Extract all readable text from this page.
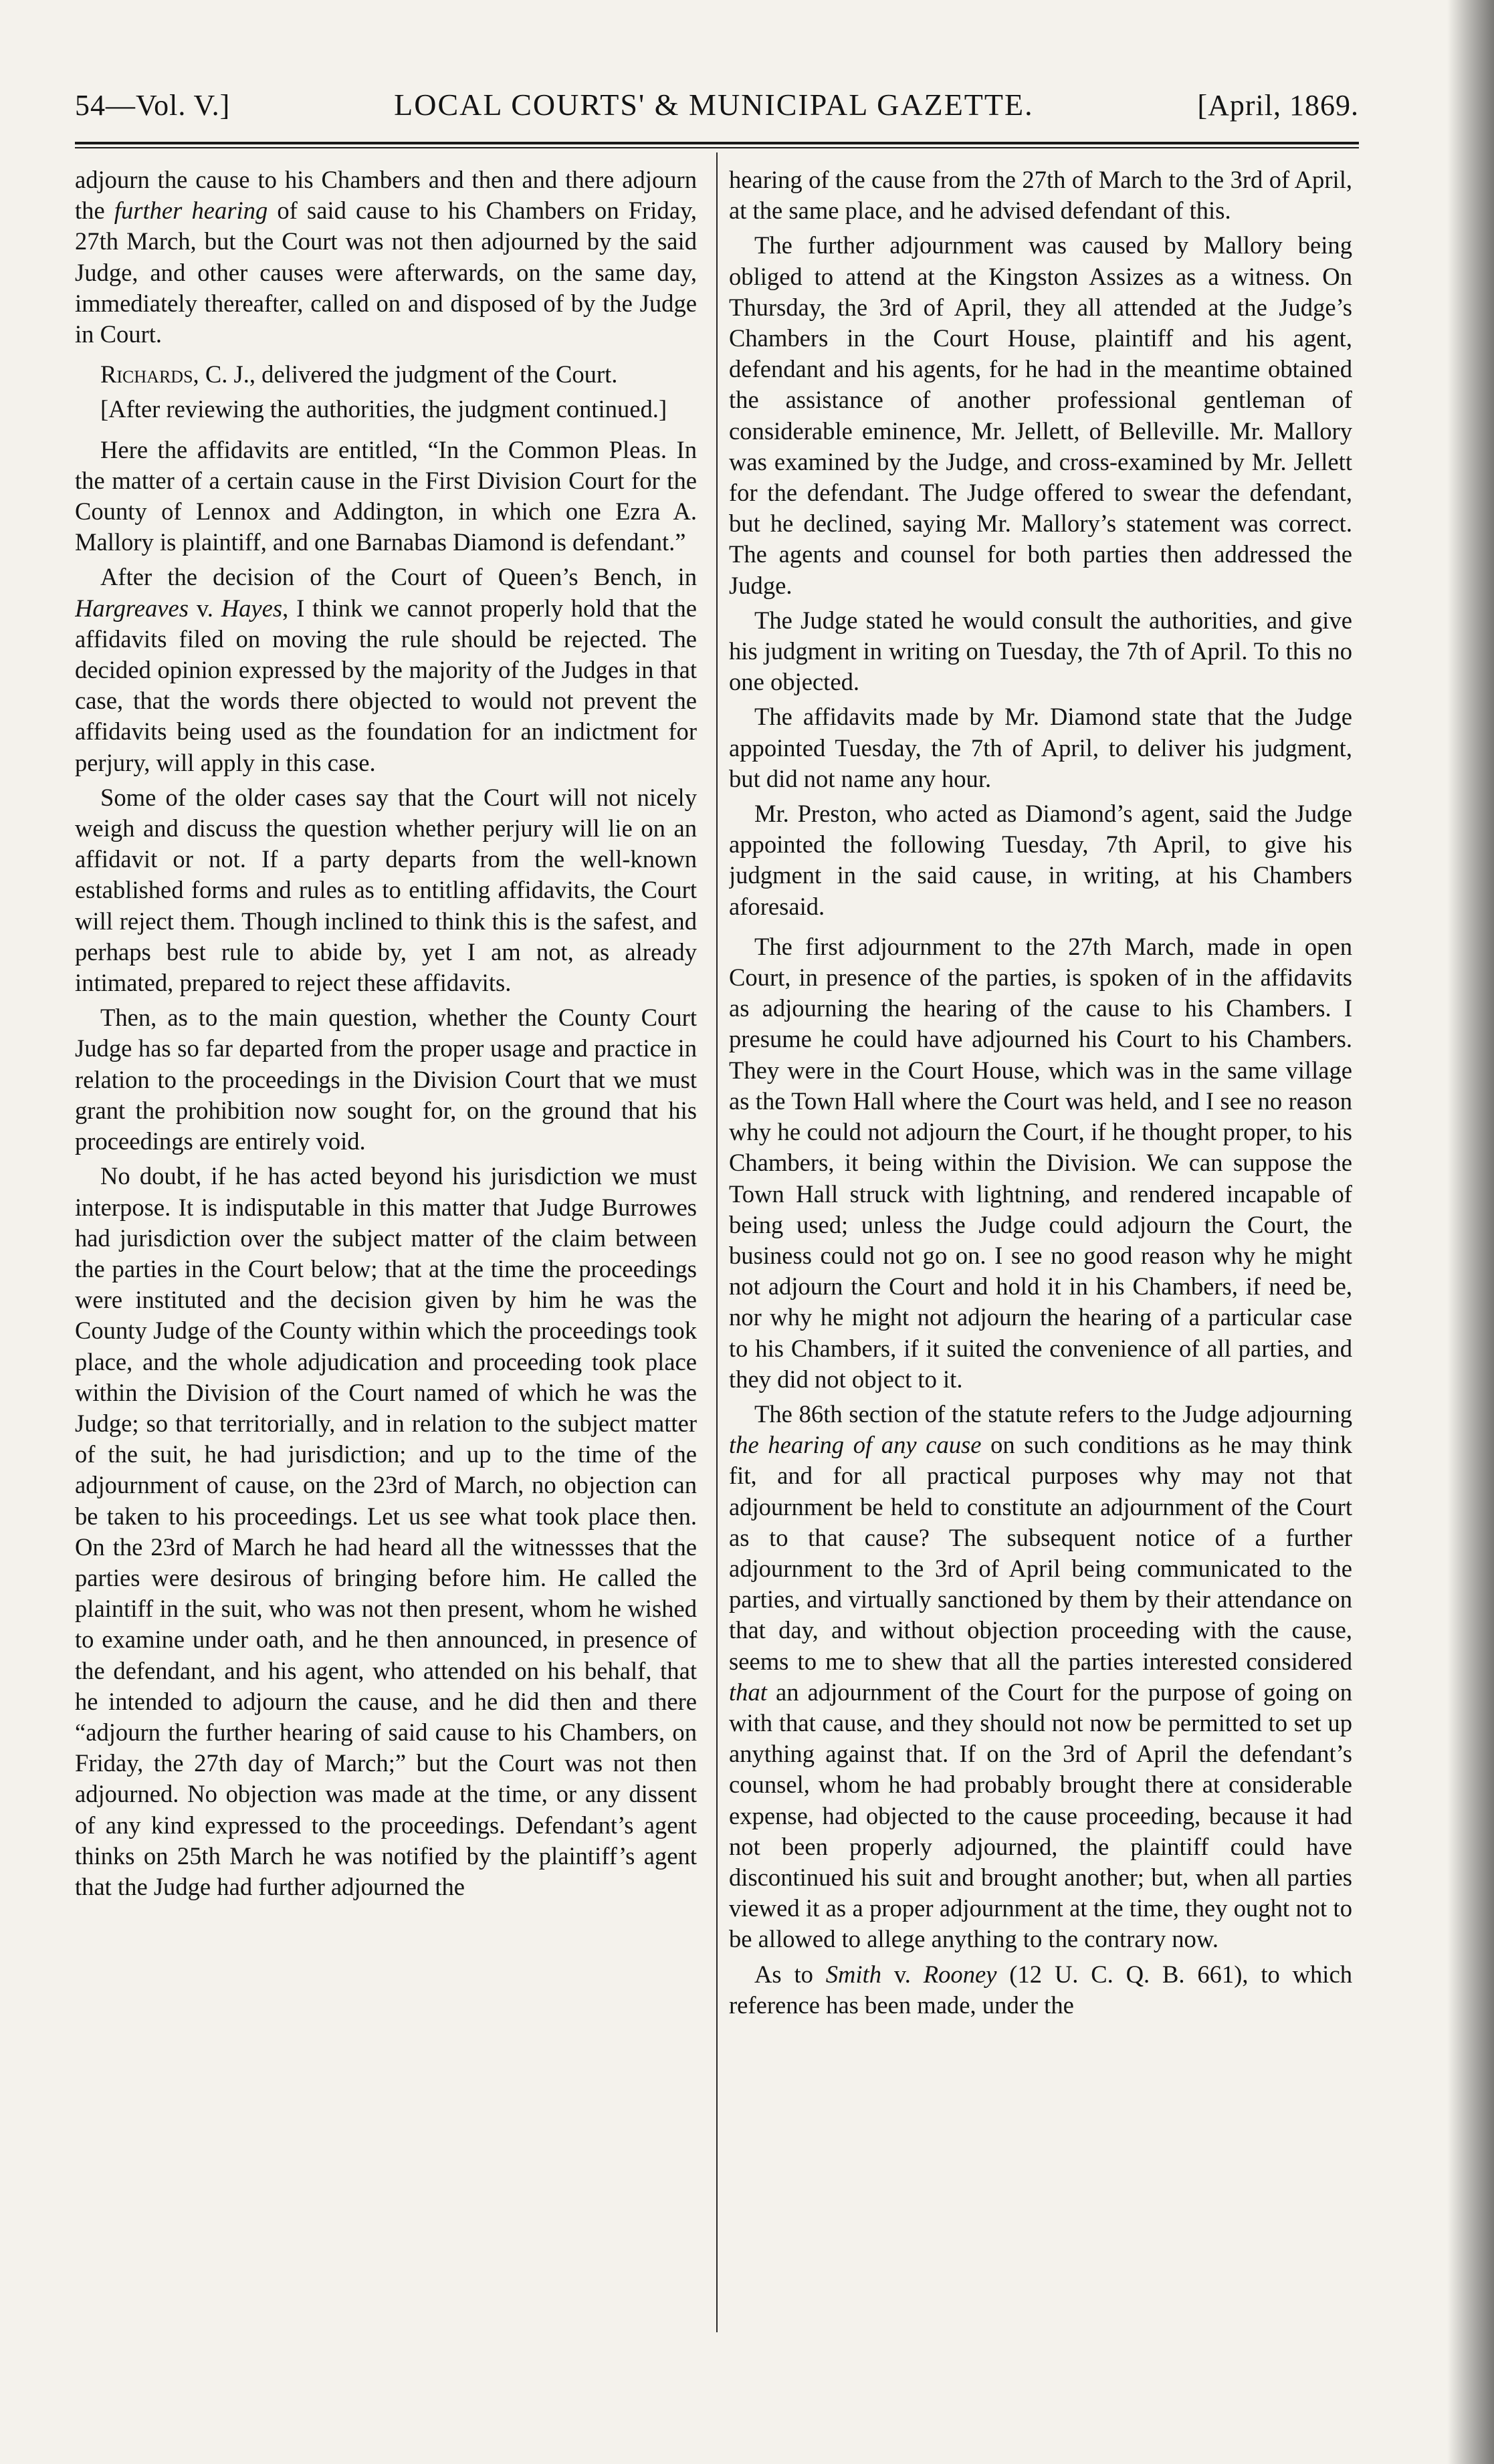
54—Vol. V.]	LOCAL COURTS' & MUNICIPAL GAZETTE.	[April, 1869.

adjourn the cause to his Chambers and then and there adjourn the further hearing of said cause to his Chambers on Friday, 27th March, but the Court was not then adjourned by the said Judge, and other causes were afterwards, on the same day, immediately thereafter, called on and disposed of by the Judge in Court.

Richards, C. J., delivered the judgment of the Court.

[After reviewing the authorities, the judgment continued.]

Here the affidavits are entitled, “In the Common Pleas. In the matter of a certain cause in the First Division Court for the County of Lennox and Addington, in which one Ezra A. Mallory is plaintiff, and one Barnabas Diamond is defendant.”

After the decision of the Court of Queen’s Bench, in Hargreaves v. Hayes, I think we cannot properly hold that the affidavits filed on moving the rule should be rejected. The decided opinion expressed by the majority of the Judges in that case, that the words there objected to would not prevent the affidavits being used as the foundation for an indictment for perjury, will apply in this case.

Some of the older cases say that the Court will not nicely weigh and discuss the question whether perjury will lie on an affidavit or not. If a party departs from the well-known established forms and rules as to entitling affidavits, the Court will reject them. Though inclined to think this is the safest, and perhaps best rule to abide by, yet I am not, as already intimated, prepared to reject these affidavits.

Then, as to the main question, whether the County Court Judge has so far departed from the proper usage and practice in relation to the proceedings in the Division Court that we must grant the prohibition now sought for, on the ground that his proceedings are entirely void.

No doubt, if he has acted beyond his jurisdiction we must interpose. It is indisputable in this matter that Judge Burrowes had jurisdiction over the subject matter of the claim between the parties in the Court below; that at the time the proceedings were instituted and the decision given by him he was the County Judge of the County within which the proceedings took place, and the whole adjudication and proceeding took place within the Division of the Court named of which he was the Judge; so that territorially, and in relation to the subject matter of the suit, he had jurisdiction; and up to the time of the adjournment of cause, on the 23rd of March, no objection can be taken to his proceedings. Let us see what took place then. On the 23rd of March he had heard all the witnessses that the parties were desirous of bringing before him. He called the plaintiff in the suit, who was not then present, whom he wished to examine under oath, and he then announced, in presence of the defendant, and his agent, who attended on his behalf, that he intended to adjourn the cause, and he did then and there “adjourn the further hearing of said cause to his Chambers, on Friday, the 27th day of March;” but the Court was not then adjourned. No objection was made at the time, or any dissent of any kind expressed to the proceedings. Defendant’s agent thinks on 25th March he was notified by the plaintiff’s agent that the Judge had further adjourned the

hearing of the cause from the 27th of March to the 3rd of April, at the same place, and he advised defendant of this.

The further adjournment was caused by Mallory being obliged to attend at the Kingston Assizes as a witness. On Thursday, the 3rd of April, they all attended at the Judge’s Chambers in the Court House, plaintiff and his agent, defendant and his agents, for he had in the meantime obtained the assistance of another professional gentleman of considerable eminence, Mr. Jellett, of Belleville. Mr. Mallory was examined by the Judge, and cross-examined by Mr. Jellett for the defendant. The Judge offered to swear the defendant, but he declined, saying Mr. Mallory’s statement was correct. The agents and counsel for both parties then addressed the Judge.

The Judge stated he would consult the authorities, and give his judgment in writing on Tuesday, the 7th of April. To this no one objected.

The affidavits made by Mr. Diamond state that the Judge appointed Tuesday, the 7th of April, to deliver his judgment, but did not name any hour.

Mr. Preston, who acted as Diamond’s agent, said the Judge appointed the following Tuesday, 7th April, to give his judgment in the said cause, in writing, at his Chambers aforesaid.

The first adjournment to the 27th March, made in open Court, in presence of the parties, is spoken of in the affidavits as adjourning the hearing of the cause to his Chambers. I presume he could have adjourned his Court to his Chambers. They were in the Court House, which was in the same village as the Town Hall where the Court was held, and I see no reason why he could not adjourn the Court, if he thought proper, to his Chambers, it being within the Division. We can suppose the Town Hall struck with lightning, and rendered incapable of being used; unless the Judge could adjourn the Court, the business could not go on. I see no good reason why he might not adjourn the Court and hold it in his Chambers, if need be, nor why he might not adjourn the hearing of a particular case to his Chambers, if it suited the convenience of all parties, and they did not object to it.

The 86th section of the statute refers to the Judge adjourning the hearing of any cause on such conditions as he may think fit, and for all practical purposes why may not that adjournment be held to constitute an adjournment of the Court as to that cause? The subsequent notice of a further adjournment to the 3rd of April being communicated to the parties, and virtually sanctioned by them by their attendance on that day, and without objection proceeding with the cause, seems to me to shew that all the parties interested considered that an adjournment of the Court for the purpose of going on with that cause, and they should not now be permitted to set up anything against that. If on the 3rd of April the defendant’s counsel, whom he had probably brought there at considerable expense, had objected to the cause proceeding, because it had not been properly adjourned, the plaintiff could have discontinued his suit and brought another; but, when all parties viewed it as a proper adjournment at the time, they ought not to be allowed to allege anything to the contrary now.

As to Smith v. Rooney (12 U. C. Q. B. 661), to which reference has been made, under the
